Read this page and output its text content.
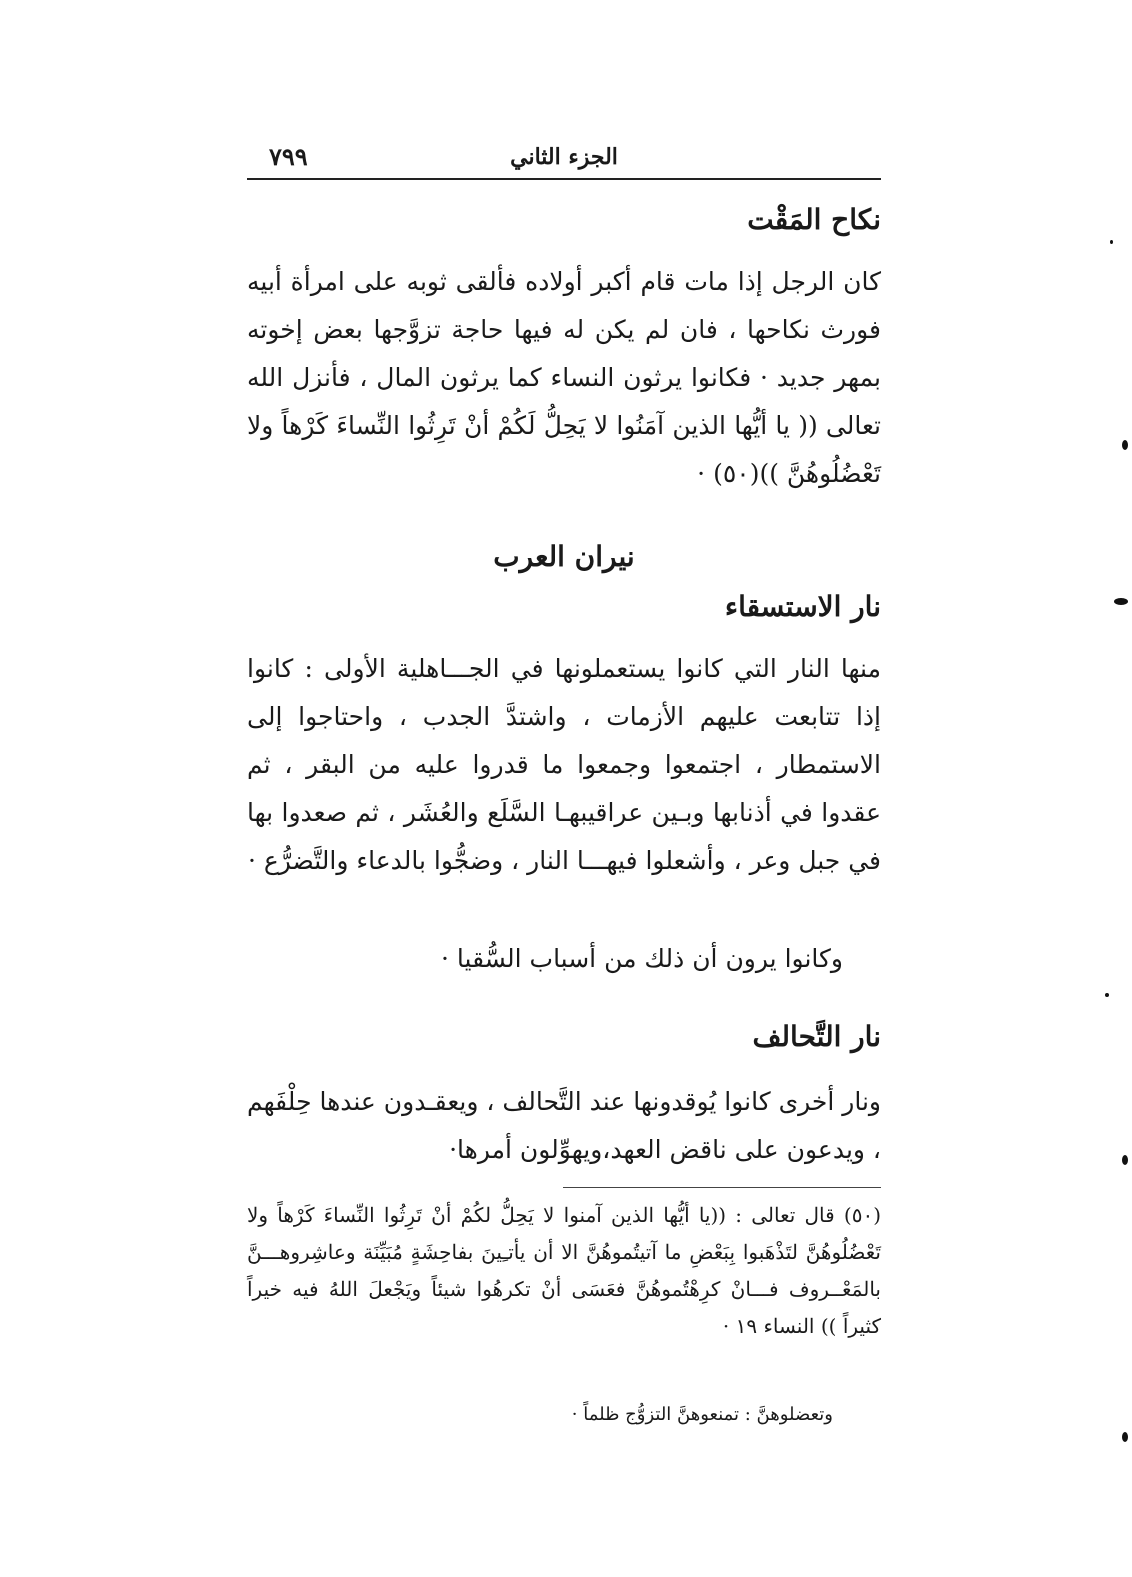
الجزء الثاني
٧٩٩
نكاح المَقْت
كان الرجل إذا مات قام أكبر أولاده فألقى ثوبه على امرأة أبيه فورث نكاحها ، فان لم يكن له فيها حاجة تزوَّجها بعض إخوته بمهر جديد · فكانوا يرثون النساء كما يرثون المال ، فأنزل الله تعالى (( يا أيُّها الذين آمَنُوا لا يَحِلُّ لَكُمْ أنْ تَرِثُوا النِّساءَ كَرْهاً ولا تَعْضُلُوهُنَّ ))(٥٠) ·
نيران العرب
نار الاستسقاء
منها النار التي كانوا يستعملونها في الجـــاهلية الأولى : كانوا إذا تتابعت عليهم الأزمات ، واشتدَّ الجدب ، واحتاجوا إلى الاستمطار ، اجتمعوا وجمعوا ما قدروا عليه من البقر ، ثم عقدوا في أذنابها وبـين عراقيبهـا السَّلَع والعُشَر ، ثم صعدوا بها في جبل وعر ، وأشعلوا فيهـــا النار ، وضجُّوا بالدعاء والتَّضرُّع ·
وكانوا يرون أن ذلك من أسباب السُّقيا ·
نار التَّحالف
ونار أخرى كانوا يُوقدونها عند التَّحالف ، ويعقـدون عندها حِلْفَهم ، ويدعون على ناقض العهد،ويهوِّلون أمرها·
(٥٠) قال تعالى : ((يا أيُّها الذين آمنوا لا يَحِلُّ لكُمْ أنْ تَرِثُوا النِّساءَ كَرْهاً ولا تَعْضُلُوهُنَّ لتَذْهَبوا بِبَعْضِ ما آتيتُموهُنَّ الا أن يأتـِينَ بفاحِشَةٍ مُبَيِّنَة وعاشِروهـــنَّ بالمَعْــروف فـــانْ كرِهْتُموهُنَّ فعَسَى أنْ تكرهُوا شيئاً ويَجْعلَ اللهُ فيه خيراً كثيراً )) النساء ١٩ ·
وتعضلوهنَّ : تمنعوهنَّ التزوُّج ظلماً ·
